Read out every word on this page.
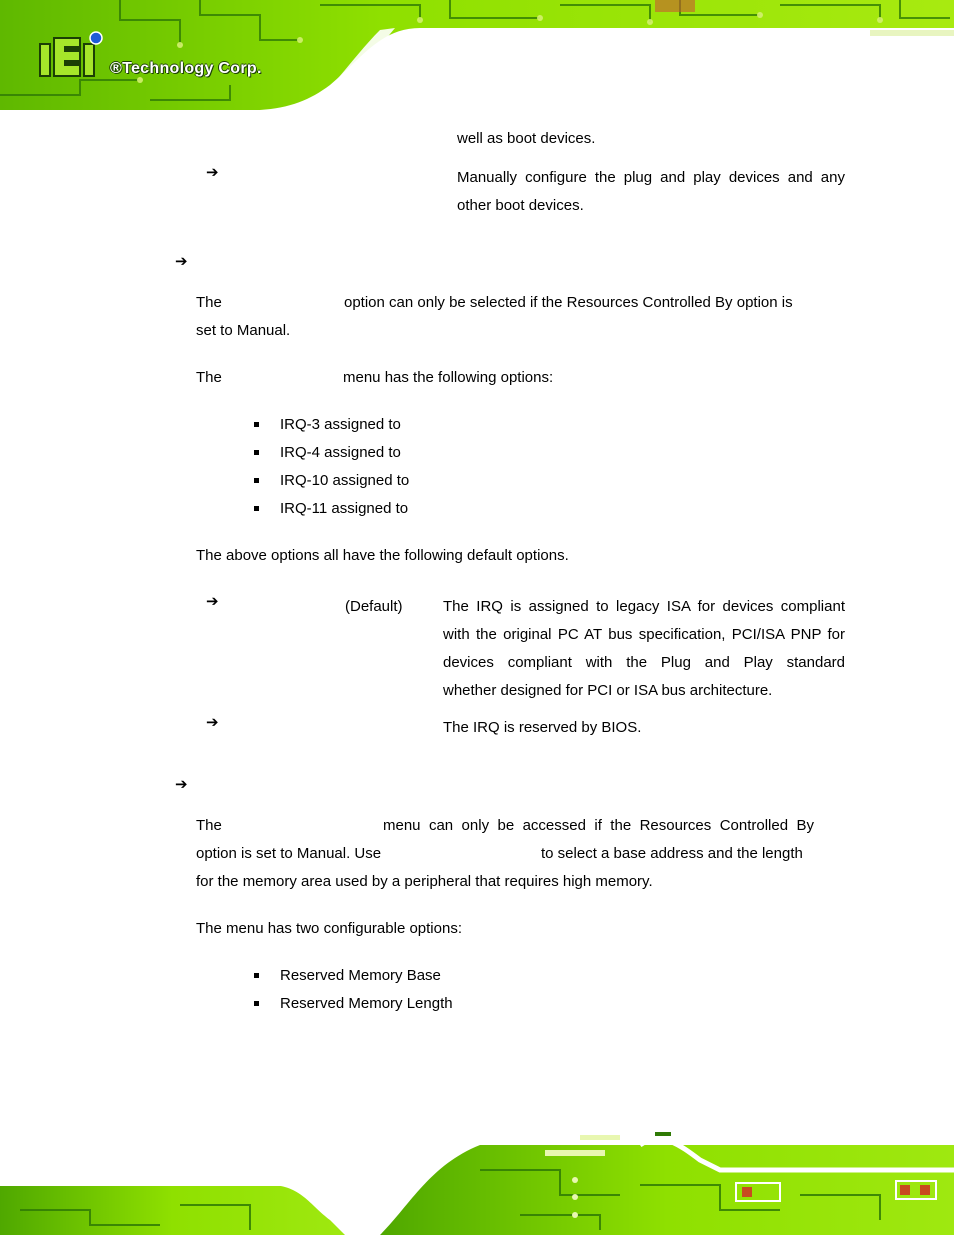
®Technology Corp.
well as boot devices.
➔	Manually configure the plug and play devices and any
other boot devices.
➔
The	option can only be selected if the Resources Controlled By option is
set to Manual.
The	menu has the following options:
IRQ-3 assigned to
IRQ-4 assigned to
IRQ-10 assigned to
IRQ-11 assigned to
The above options all have the following default options.
➔	(Default)	The IRQ is assigned to legacy ISA for devices compliant
with the original PC AT bus specification, PCI/ISA PNP for
devices compliant with the Plug and Play standard
whether designed for PCI or ISA bus architecture.
➔	The IRQ is reserved by BIOS.
➔
The	menu can only be accessed if the Resources Controlled By
option is set to Manual. Use	to select a base address and the length
for the memory area used by a peripheral that requires high memory.
The menu has two configurable options:
Reserved Memory Base
Reserved Memory Length
